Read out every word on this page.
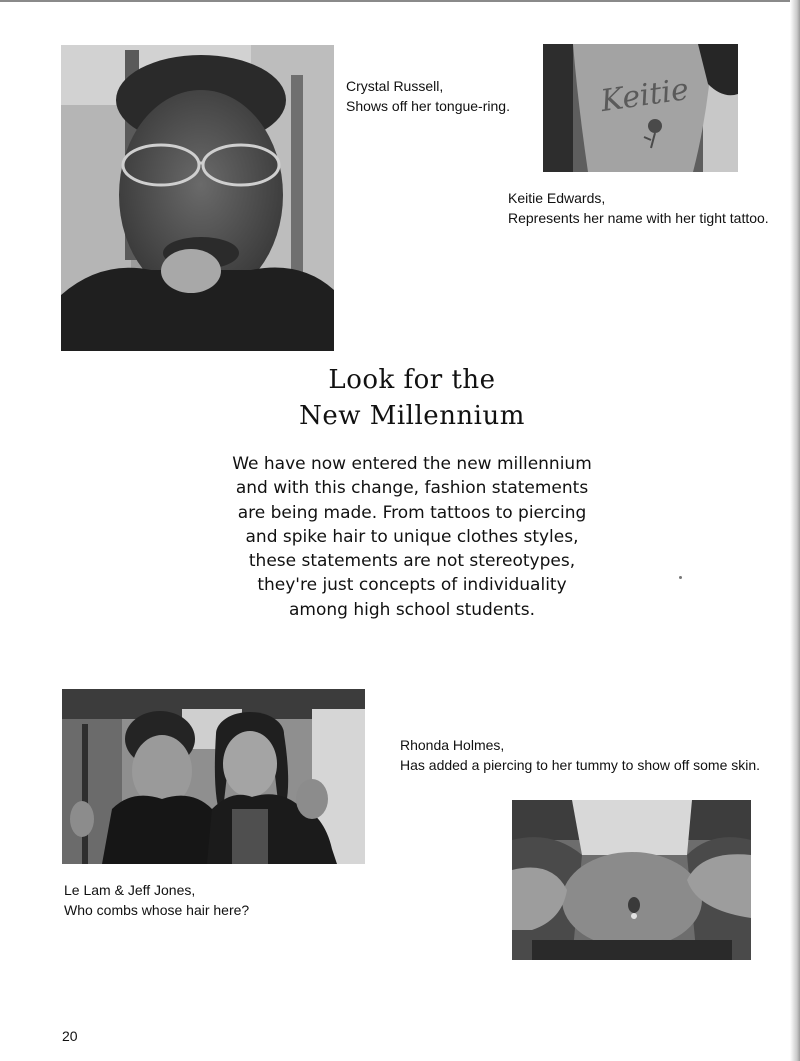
Crystal Russell,
Shows off her tongue-ring.	Keitie
Keitie Edwards,
Represents her name with her tight tattoo.
Look for the
New Millennium
We have now entered the new millennium and with this change, fashion statements are being made. From tattoos to piercing and spike hair to unique clothes styles, these statements are not stereotypes, they're just concepts of individuality among high school students.
Le Lam & Jeff Jones,
Who combs whose hair here?
Rhonda Holmes,
Has added a piercing to her tummy to show off some skin.
20
